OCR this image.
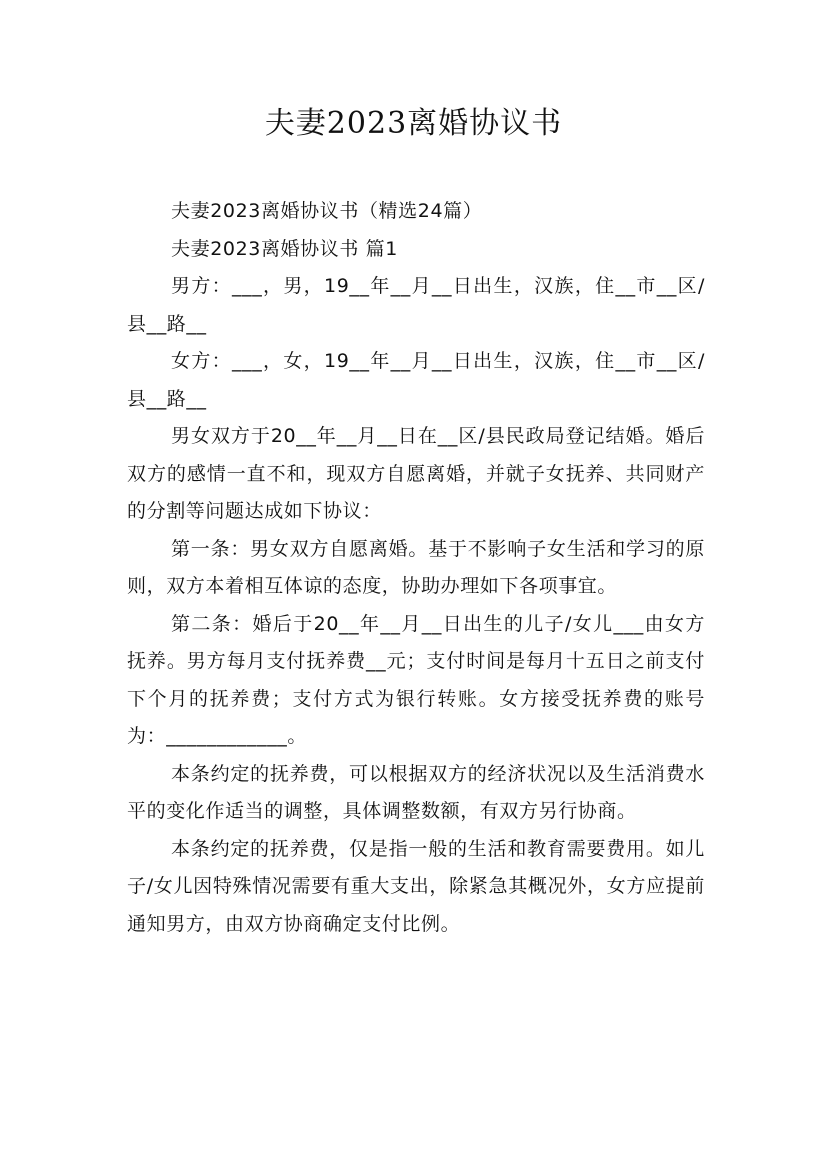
夫妻2023离婚协议书

夫妻2023离婚协议书（精选24篇）

夫妻2023离婚协议书 篇1

男方：___，男，19__年__月__日出生，汉族，住__市__区/县__路__

女方：___，女，19__年__月__日出生，汉族，住__市__区/县__路__

男女双方于20__年__月__日在__区/县民政局登记结婚。婚后双方的感情一直不和，现双方自愿离婚，并就子女抚养、共同财产的分割等问题达成如下协议：

第一条：男女双方自愿离婚。基于不影响子女生活和学习的原则，双方本着相互体谅的态度，协助办理如下各项事宜。

第二条：婚后于20__年__月__日出生的儿子/女儿___由女方抚养。男方每月支付抚养费__元；支付时间是每月十五日之前支付下个月的抚养费；支付方式为银行转账。女方接受抚养费的账号为：____________。

本条约定的抚养费，可以根据双方的经济状况以及生活消费水平的变化作适当的调整，具体调整数额，有双方另行协商。

本条约定的抚养费，仅是指一般的生活和教育需要费用。如儿子/女儿因特殊情况需要有重大支出，除紧急其概况外，女方应提前通知男方，由双方协商确定支付比例。
